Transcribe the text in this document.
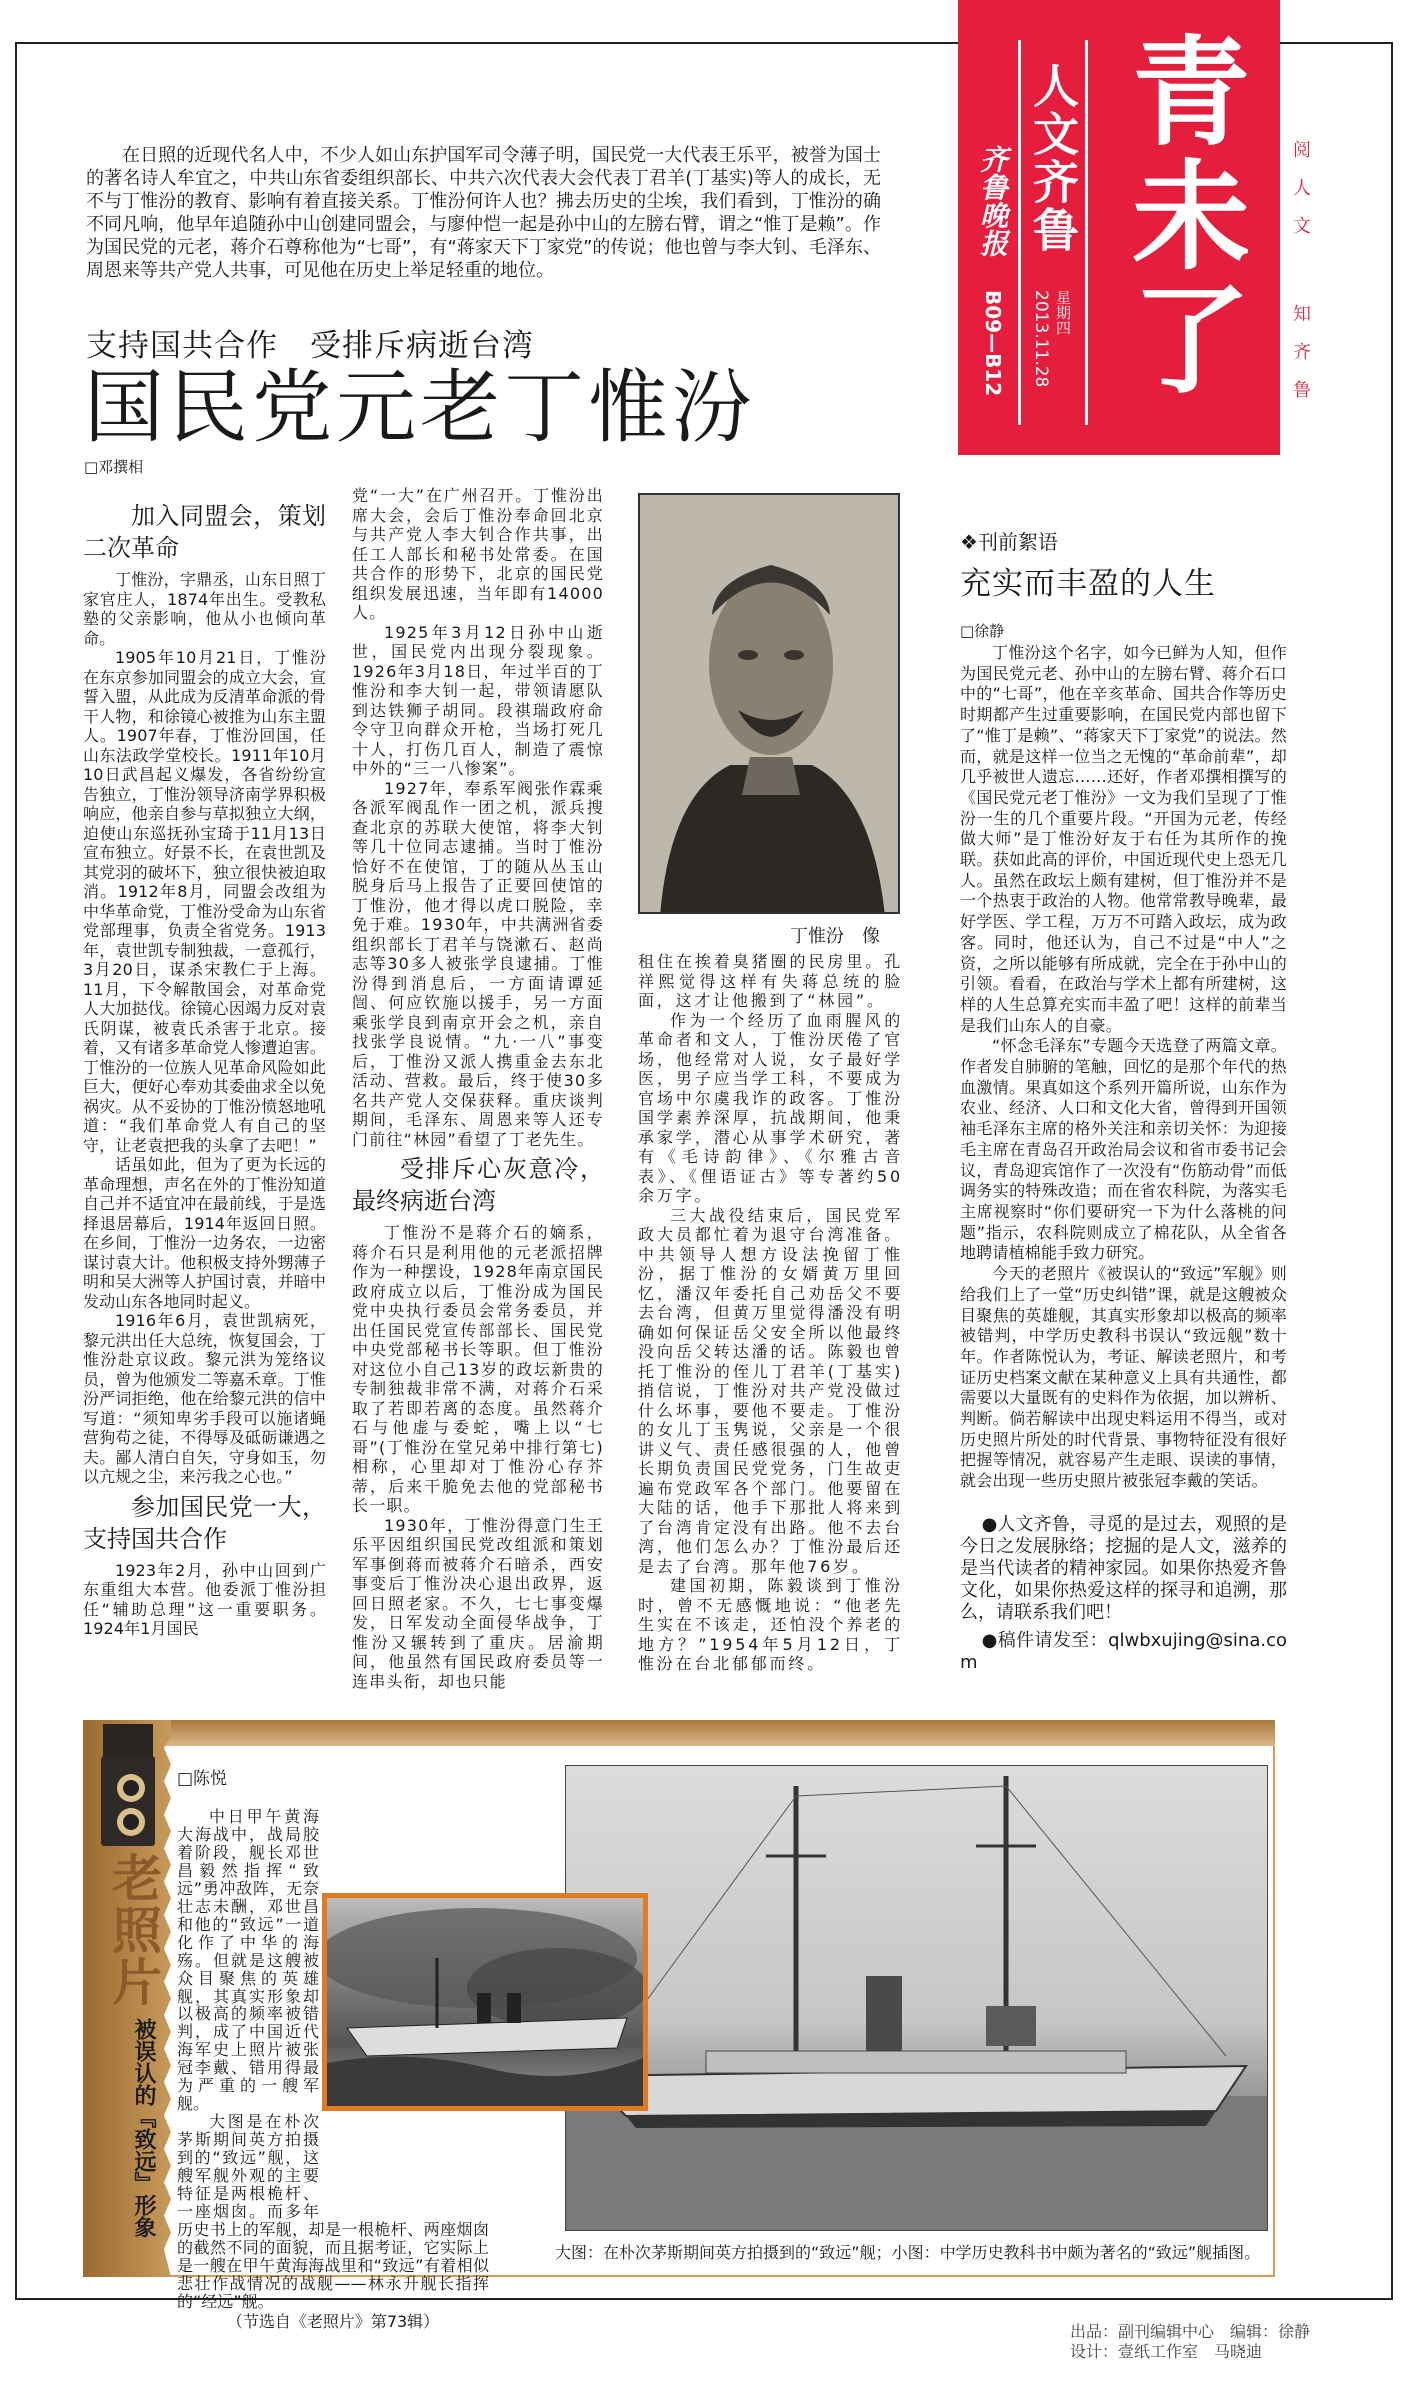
青未了
人文齐鲁
星期四
2013.11.28
齐鲁晚报
B09—B12
阅人文知齐鲁

在日照的近现代名人中，不少人如山东护国军司令薄子明，国民党一大代表王乐平，被誉为国士的著名诗人牟宜之，中共山东省委组织部长、中共六次代表大会代表丁君羊(丁基实)等人的成长，无不与丁惟汾的教育、影响有着直接关系。丁惟汾何许人也？拂去历史的尘埃，我们看到，丁惟汾的确不同凡响，他早年追随孙中山创建同盟会，与廖仲恺一起是孙中山的左膀右臂，谓之“惟丁是赖”。作为国民党的元老，蒋介石尊称他为“七哥”，有“蒋家天下丁家党”的传说；他也曾与李大钊、毛泽东、周恩来等共产党人共事，可见他在历史上举足轻重的地位。

支持国共合作　受排斥病逝台湾
国民党元老丁惟汾
□邓撰相
加入同盟会，策划二次革命

丁惟汾，字鼎丞，山东日照丁家官庄人，1874年出生。受教私塾的父亲影响，他从小也倾向革命。

1905年10月21日，丁惟汾在东京参加同盟会的成立大会，宣誓入盟，从此成为反清革命派的骨干人物，和徐镜心被推为山东主盟人。1907年春，丁惟汾回国，任山东法政学堂校长。1911年10月10日武昌起义爆发，各省纷纷宣告独立，丁惟汾领导济南学界积极响应，他亲自参与草拟独立大纲，迫使山东巡抚孙宝琦于11月13日宣布独立。好景不长，在袁世凯及其党羽的破坏下，独立很快被迫取消。1912年8月，同盟会改组为中华革命党，丁惟汾受命为山东省党部理事，负责全省党务。1913年，袁世凯专制独裁，一意孤行，3月20日，谋杀宋教仁于上海。11月，下令解散国会，对革命党人大加挞伐。徐镜心因竭力反对袁氏阴谋，被袁氏杀害于北京。接着，又有诸多革命党人惨遭迫害。丁惟汾的一位族人见革命风险如此巨大，便好心奉劝其委曲求全以免祸灾。从不妥协的丁惟汾愤怒地吼道：“我们革命党人有自己的坚守，让老袁把我的头拿了去吧！”

话虽如此，但为了更为长远的革命理想，声名在外的丁惟汾知道自己并不适宜冲在最前线，于是选择退居幕后，1914年返回日照。在乡间，丁惟汾一边务农，一边密谋讨袁大计。他积极支持外甥薄子明和吴大洲等人护国讨袁，并暗中发动山东各地同时起义。

1916年6月，袁世凯病死，黎元洪出任大总统，恢复国会，丁惟汾赴京议政。黎元洪为笼络议员，曾为他颁发二等嘉禾章。丁惟汾严词拒绝，他在给黎元洪的信中写道：“须知卑劣手段可以施诸蝇营狗苟之徒，不得辱及砥砺谦遇之夫。鄙人清白自矢，守身如玉，勿以亢规之尘，来污我之心也。”

参加国民党一大，支持国共合作

1923年2月，孙中山回到广东重组大本营。他委派丁惟汾担任“辅助总理”这一重要职务。1924年1月国民

党“一大”在广州召开。丁惟汾出席大会，会后丁惟汾奉命回北京与共产党人李大钊合作共事，出任工人部长和秘书处常委。在国共合作的形势下，北京的国民党组织发展迅速，当年即有14000人。

1925年3月12日孙中山逝世，国民党内出现分裂现象。1926年3月18日，年过半百的丁惟汾和李大钊一起，带领请愿队到达铁狮子胡同。段祺瑞政府命令守卫向群众开枪，当场打死几十人，打伤几百人，制造了震惊中外的“三一八惨案”。

1927年，奉系军阀张作霖乘各派军阀乱作一团之机，派兵搜查北京的苏联大使馆，将李大钊等几十位同志逮捕。当时丁惟汾恰好不在使馆，丁的随从丛玉山脱身后马上报告了正要回使馆的丁惟汾，他才得以虎口脱险，幸免于难。1930年，中共满洲省委组织部长丁君羊与饶漱石、赵尚志等30多人被张学良逮捕。丁惟汾得到消息后，一方面请谭延闿、何应钦施以援手，另一方面乘张学良到南京开会之机，亲自找张学良说情。“九·一八”事变后，丁惟汾又派人携重金去东北活动、营救。最后，终于使30多名共产党人交保获释。重庆谈判期间，毛泽东、周恩来等人还专门前往“林园”看望了丁老先生。

受排斥心灰意冷，最终病逝台湾

丁惟汾不是蒋介石的嫡系，蒋介石只是利用他的元老派招牌作为一种摆设，1928年南京国民政府成立以后，丁惟汾成为国民党中央执行委员会常务委员，并出任国民党宣传部部长、国民党中央党部秘书长等职。但丁惟汾对这位小自己13岁的政坛新贵的专制独裁非常不满，对蒋介石采取了若即若离的态度。虽然蒋介石与他虚与委蛇，嘴上以“七哥”(丁惟汾在堂兄弟中排行第七)相称，心里却对丁惟汾心存芥蒂，后来干脆免去他的党部秘书长一职。

1930年，丁惟汾得意门生王乐平因组织国民党改组派和策划军事倒蒋而被蒋介石暗杀，西安事变后丁惟汾决心退出政界，返回日照老家。不久，七七事变爆发，日军发动全面侵华战争，丁惟汾又辗转到了重庆。居渝期间，他虽然有国民政府委员等一连串头衔，却也只能

丁惟汾　像

租住在挨着臭猪圈的民房里。孔祥熙觉得这样有失蒋总统的脸面，这才让他搬到了“林园”。

作为一个经历了血雨腥风的革命者和文人，丁惟汾厌倦了官场，他经常对人说，女子最好学医，男子应当学工科，不要成为官场中尔虞我诈的政客。丁惟汾国学素养深厚，抗战期间，他秉承家学，潜心从事学术研究，著有《毛诗韵律》、《尔雅古音表》、《俚语证古》等专著约50余万字。

三大战役结束后，国民党军政大员都忙着为退守台湾准备。中共领导人想方设法挽留丁惟汾，据丁惟汾的女婿黄万里回忆，潘汉年委托自己劝岳父不要去台湾，但黄万里觉得潘没有明确如何保证岳父安全所以他最终没向岳父转达潘的话。陈毅也曾托丁惟汾的侄儿丁君羊(丁基实)捎信说，丁惟汾对共产党没做过什么坏事，要他不要走。丁惟汾的女儿丁玉隽说，父亲是一个很讲义气、责任感很强的人，他曾长期负责国民党党务，门生故吏遍布党政军各个部门。他要留在大陆的话，他手下那批人将来到了台湾肯定没有出路。他不去台湾，他们怎么办？丁惟汾最后还是去了台湾。那年他76岁。

建国初期，陈毅谈到丁惟汾时，曾不无感慨地说：“他老先生实在不该走，还怕没个养老的地方？”1954年5月12日，丁惟汾在台北郁郁而终。

❖刊前絮语
充实而丰盈的人生
□徐静

丁惟汾这个名字，如今已鲜为人知，但作为国民党元老、孙中山的左膀右臂、蒋介石口中的“七哥”，他在辛亥革命、国共合作等历史时期都产生过重要影响，在国民党内部也留下了“惟丁是赖”、“蒋家天下丁家党”的说法。然而，就是这样一位当之无愧的“革命前辈”，却几乎被世人遗忘……还好，作者邓撰相撰写的《国民党元老丁惟汾》一文为我们呈现了丁惟汾一生的几个重要片段。“开国为元老，传经做大师”是丁惟汾好友于右任为其所作的挽联。获如此高的评价，中国近现代史上恐无几人。虽然在政坛上颇有建树，但丁惟汾并不是一个热衷于政治的人物。他常常教导晚辈，最好学医、学工程，万万不可踏入政坛，成为政客。同时，他还认为，自己不过是“中人”之资，之所以能够有所成就，完全在于孙中山的引领。看看，在政治与学术上都有所建树，这样的人生总算充实而丰盈了吧！这样的前辈当是我们山东人的自豪。

“怀念毛泽东”专题今天选登了两篇文章。作者发自肺腑的笔触，回忆的是那个年代的热血激情。果真如这个系列开篇所说，山东作为农业、经济、人口和文化大省，曾得到开国领袖毛泽东主席的格外关注和亲切关怀：为迎接毛主席在青岛召开政治局会议和省市委书记会议，青岛迎宾馆作了一次没有“伤筋动骨”而低调务实的特殊改造；而在省农科院，为落实毛主席视察时“你们要研究一下为什么落桃的问题”指示，农科院则成立了棉花队，从全省各地聘请植棉能手致力研究。

今天的老照片《被误认的“致远”军舰》则给我们上了一堂“历史纠错”课，就是这艘被众目聚焦的英雄舰，其真实形象却以极高的频率被错判，中学历史教科书误认“致远舰”数十年。作者陈悦认为，考证、解读老照片，和考证历史档案文献在某种意义上具有共通性，都需要以大量既有的史料作为依据，加以辨析、判断。倘若解读中出现史料运用不得当，或对历史照片所处的时代背景、事物特征没有很好把握等情况，就容易产生走眼、误读的事情，就会出现一些历史照片被张冠李戴的笑话。

●人文齐鲁，寻觅的是过去，观照的是今日之发展脉络；挖掘的是人文，滋养的是当代读者的精神家园。如果你热爱齐鲁文化，如果你热爱这样的探寻和追溯，那么，请联系我们吧！

●稿件请发至：qlwbxujing@sina.com

老照片
被误认的『致远』形象
□陈悦

中日甲午黄海大海战中，战局胶着阶段，舰长邓世昌毅然指挥“致远”勇冲敌阵，无奈壮志未酬，邓世昌和他的“致远”一道化作了中华的海殇。但就是这艘被众目聚焦的英雄舰，其真实形象却以极高的频率被错判，成了中国近代海军史上照片被张冠李戴、错用得最为严重的一艘军舰。

大图是在朴次茅斯期间英方拍摄到的“致远”舰，这艘军舰外观的主要特征是两根桅杆、一座烟囱。而多年历史书上的军舰，却是一根桅杆、两座烟囱的截然不同的面貌，而且据考证，它实际上是一艘在甲午黄海海战里和“致远”有着相似悲壮作战情况的战舰——林永升舰长指挥的“经远”舰。

（节选自《老照片》第73辑）

大图：在朴次茅斯期间英方拍摄到的“致远”舰；小图：中学历史教科书中颇为著名的“致远”舰插图。
出品：副刊编辑中心　编辑：徐静
设计：壹纸工作室　马晓迪
